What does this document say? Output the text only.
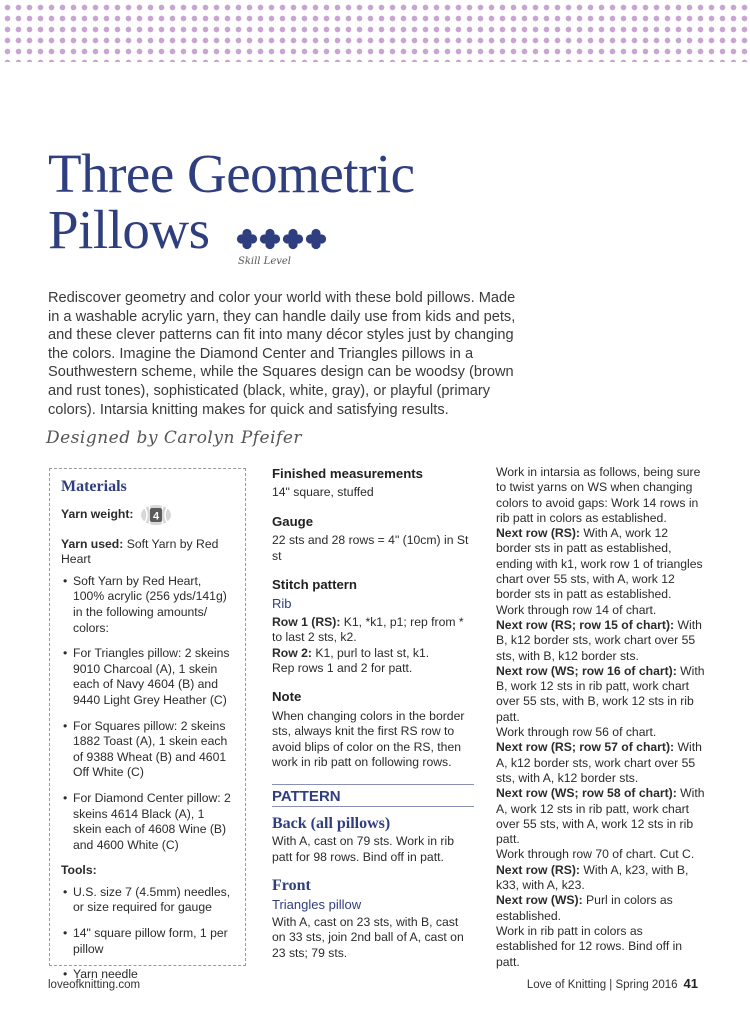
Three Geometric
Pillows
Skill Level

Rediscover geometry and color your world with these bold pillows. Made in a washable acrylic yarn, they can handle daily use from kids and pets, and these clever patterns can fit into many décor styles just by changing the colors. Imagine the Diamond Center and Triangles pillows in a Southwestern scheme, while the Squares design can be woodsy (brown and rust tones), sophisticated (black, white, gray), or playful (primary colors). Intarsia knitting makes for quick and satisfying results.

Designed by Carolyn Pfeifer
Materials
Yarn weight: 4

Yarn used: Soft Yarn by Red Heart

• Soft Yarn by Red Heart, 100% acrylic (256 yds/141g) in the following amounts/ colors:
• For Triangles pillow: 2 skeins 9010 Charcoal (A), 1 skein each of Navy 4604 (B) and 9440 Light Grey Heather (C)
• For Squares pillow: 2 skeins 1882 Toast (A), 1 skein each of 9388 Wheat (B) and 4601 Off White (C)
• For Diamond Center pillow: 2 skeins 4614 Black (A), 1 skein each of 4608 Wine (B) and 4600 White (C)
Tools:
• U.S. size 7 (4.5mm) needles, or size required for gauge
• 14" square pillow form, 1 per pillow
• Yarn needle
Finished measurements

14" square, stuffed

Gauge

22 sts and 28 rows = 4" (10cm) in St st

Stitch pattern
Rib

Row 1 (RS): K1, *k1, p1; rep from * to last 2 sts, k2.
Row 2: K1, purl to last st, k1.
Rep rows 1 and 2 for patt.

Note

When changing colors in the border sts, always knit the first RS row to avoid blips of color on the RS, then work in rib patt on following rows.

PATTERN
Back (all pillows)

With A, cast on 79 sts. Work in rib patt for 98 rows. Bind off in patt.

Front
Triangles pillow

With A, cast on 23 sts, with B, cast on 33 sts, join 2nd ball of A, cast on 23 sts; 79 sts.

Work in intarsia as follows, being sure to twist yarns on WS when changing colors to avoid gaps: Work 14 rows in rib patt in colors as established.

Next row (RS): With A, work 12 border sts in patt as established, ending with k1, work row 1 of triangles chart over 55 sts, with A, work 12 border sts in patt as established.

Work through row 14 of chart.

Next row (RS; row 15 of chart): With B, k12 border sts, work chart over 55 sts, with B, k12 border sts.

Next row (WS; row 16 of chart): With B, work 12 sts in rib patt, work chart over 55 sts, with B, work 12 sts in rib patt.

Work through row 56 of chart.

Next row (RS; row 57 of chart): With A, k12 border sts, work chart over 55 sts, with A, k12 border sts.

Next row (WS; row 58 of chart): With A, work 12 sts in rib patt, work chart over 55 sts, with A, work 12 sts in rib patt.

Work through row 70 of chart. Cut C.

Next row (RS): With A, k23, with B, k33, with A, k23.

Next row (WS): Purl in colors as established.

Work in rib patt in colors as established for 12 rows. Bind off in patt.

loveofknitting.com	Love of Knitting | Spring 2016 41
